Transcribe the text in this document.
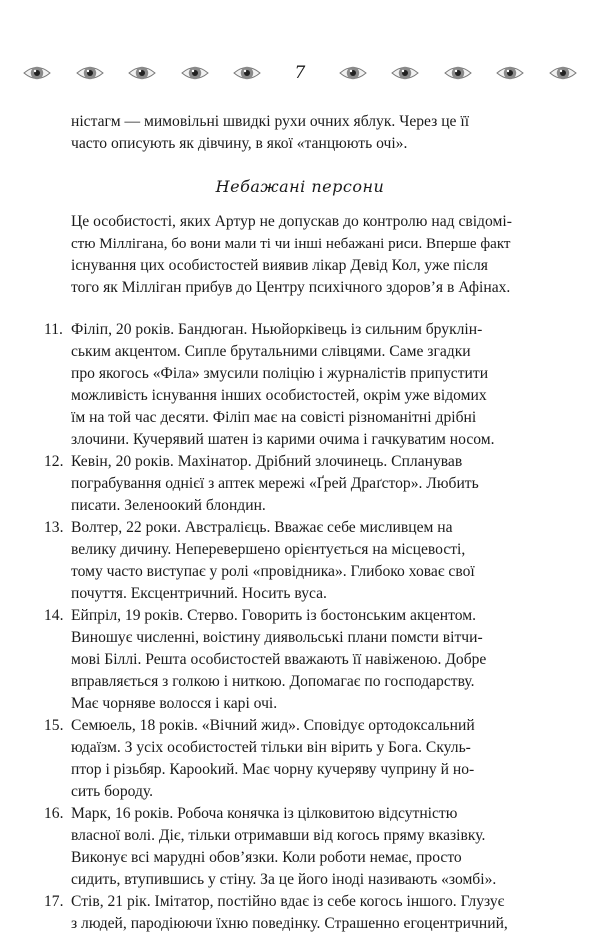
7
ністагм — мимовільні швидкі рухи очних яблук. Через це її
часто описують як дівчину, в якої «танцюють очі».
Небажані персони
Це особистості, яких Артур не допускав до контролю над свідомі-
стю Міллігана, бо вони мали ті чи інші небажані риси. Вперше факт
існування цих особистостей виявив лікар Девід Кол, уже після
того як Мілліган прибув до Центру психічного здоров’я в Афінах.
11. Філіп, 20 років. Бандюган. Ньюйорківець із сильним бруклін-
ським акцентом. Сипле брутальними слівцями. Саме згадки
про якогось «Філа» змусили поліцію і журналістів припустити
можливість існування інших особистостей, окрім уже відомих
їм на той час десяти. Філіп має на совісті різноманітні дрібні
злочини. Кучерявий шатен із карими очима і гачкуватим носом.
12. Кевін, 20 років. Махінатор. Дрібний злочинець. Спланував
пограбування однієї з аптек мережі «Ґрей Драґстор». Любить
писати. Зеленоокий блондин.
13. Волтер, 22 роки. Австралієць. Вважає себе мисливцем на
велику дичину. Неперевершено орієнтується на місцевості,
тому часто виступає у ролі «провідника». Глибоко ховає свої
почуття. Ексцентричний. Носить вуса.
14. Ейпріл, 19 років. Стерво. Говорить із бостонським акцентом.
Виношує численні, воістину диявольські плани помсти вітчи-
мові Біллі. Решта особистостей вважають її навіженою. Добре
вправляється з голкою і ниткою. Допомагає по господарству.
Має чорняве волосся і карі очі.
15. Семюель, 18 років. «Вічний жид». Сповідує ортодоксальний
юдаїзм. З усіх особистостей тільки він вірить у Бога. Скуль-
птор і різьбяр. Карookий. Має чорну кучеряву чуприну й но-
сить бороду.
16. Марк, 16 років. Робоча конячка із цілковитою відсутністю
власної волі. Діє, тільки отримавши від когось пряму вказівку.
Виконує всі марудні обов’язки. Коли роботи немає, просто
сидить, втупившись у стіну. За це його іноді називають «зомбі».
17. Стів, 21 рік. Імітатор, постійно вдає із себе когось іншого. Глузує
з людей, пародіюючи їхню поведінку. Страшенно егоцентричний,
